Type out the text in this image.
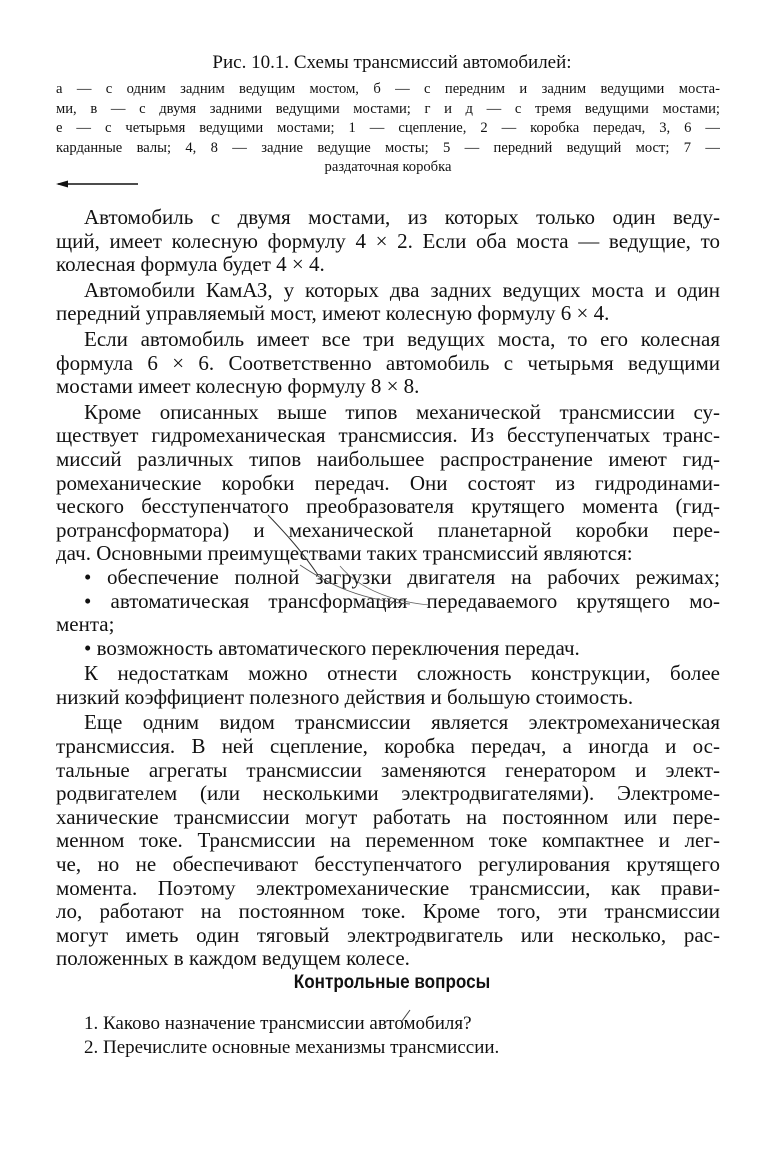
Рис. 10.1. Схемы трансмиссий автомобилей:
а — с одним задним ведущим мостом, б — с передним и задним ведущими моста-
ми, в — с двумя задними ведущими мостами; г и д — с тремя ведущими мостами;
е — с четырьмя ведущими мостами; 1 — сцепление, 2 — коробка передач, 3, 6 —
карданные валы; 4, 8 — задние ведущие мосты; 5 — передний ведущий мост; 7 —
раздаточная коробка
Автомобиль с двумя мостами, из которых только один веду-
щий, имеет колесную формулу 4 × 2. Если оба моста — ведущие, то
колесная формула будет 4 × 4.
Автомобили КамАЗ, у которых два задних ведущих моста и один
передний управляемый мост, имеют колесную формулу 6 × 4.
Если автомобиль имеет все три ведущих моста, то его колесная
формула 6 × 6. Соответственно автомобиль с четырьмя ведущими
мостами имеет колесную формулу 8 × 8.
Кроме описанных выше типов механической трансмиссии су-
ществует гидромеханическая трансмиссия. Из бесступенчатых транс-
миссий различных типов наибольшее распространение имеют гид-
ромеханические коробки передач. Они состоят из гидродинами-
ческого бесступенчатого преобразователя крутящего момента (гид-
ротрансформатора) и механической планетарной коробки пере-
дач. Основными преимуществами таких трансмиссий являются:
• обеспечение полной загрузки двигателя на рабочих режимах;
• автоматическая трансформация передаваемого крутящего мо-
мента;
• возможность автоматического переключения передач.
К недостаткам можно отнести сложность конструкции, более
низкий коэффициент полезного действия и большую стоимость.
Еще одним видом трансмиссии является электромеханическая
трансмиссия. В ней сцепление, коробка передач, а иногда и ос-
тальные агрегаты трансмиссии заменяются генератором и элект-
родвигателем (или несколькими электродвигателями). Электроме-
ханические трансмиссии могут работать на постоянном или пере-
менном токе. Трансмиссии на переменном токе компактнее и лег-
че, но не обеспечивают бесступенчатого регулирования крутящего
момента. Поэтому электромеханические трансмиссии, как прави-
ло, работают на постоянном токе. Кроме того, эти трансмиссии
могут иметь один тяговый электродвигатель или несколько, рас-
положенных в каждом ведущем колесе.
Контрольные вопросы
1. Каково назначение трансмиссии автомобиля?
2. Перечислите основные механизмы трансмиссии.
